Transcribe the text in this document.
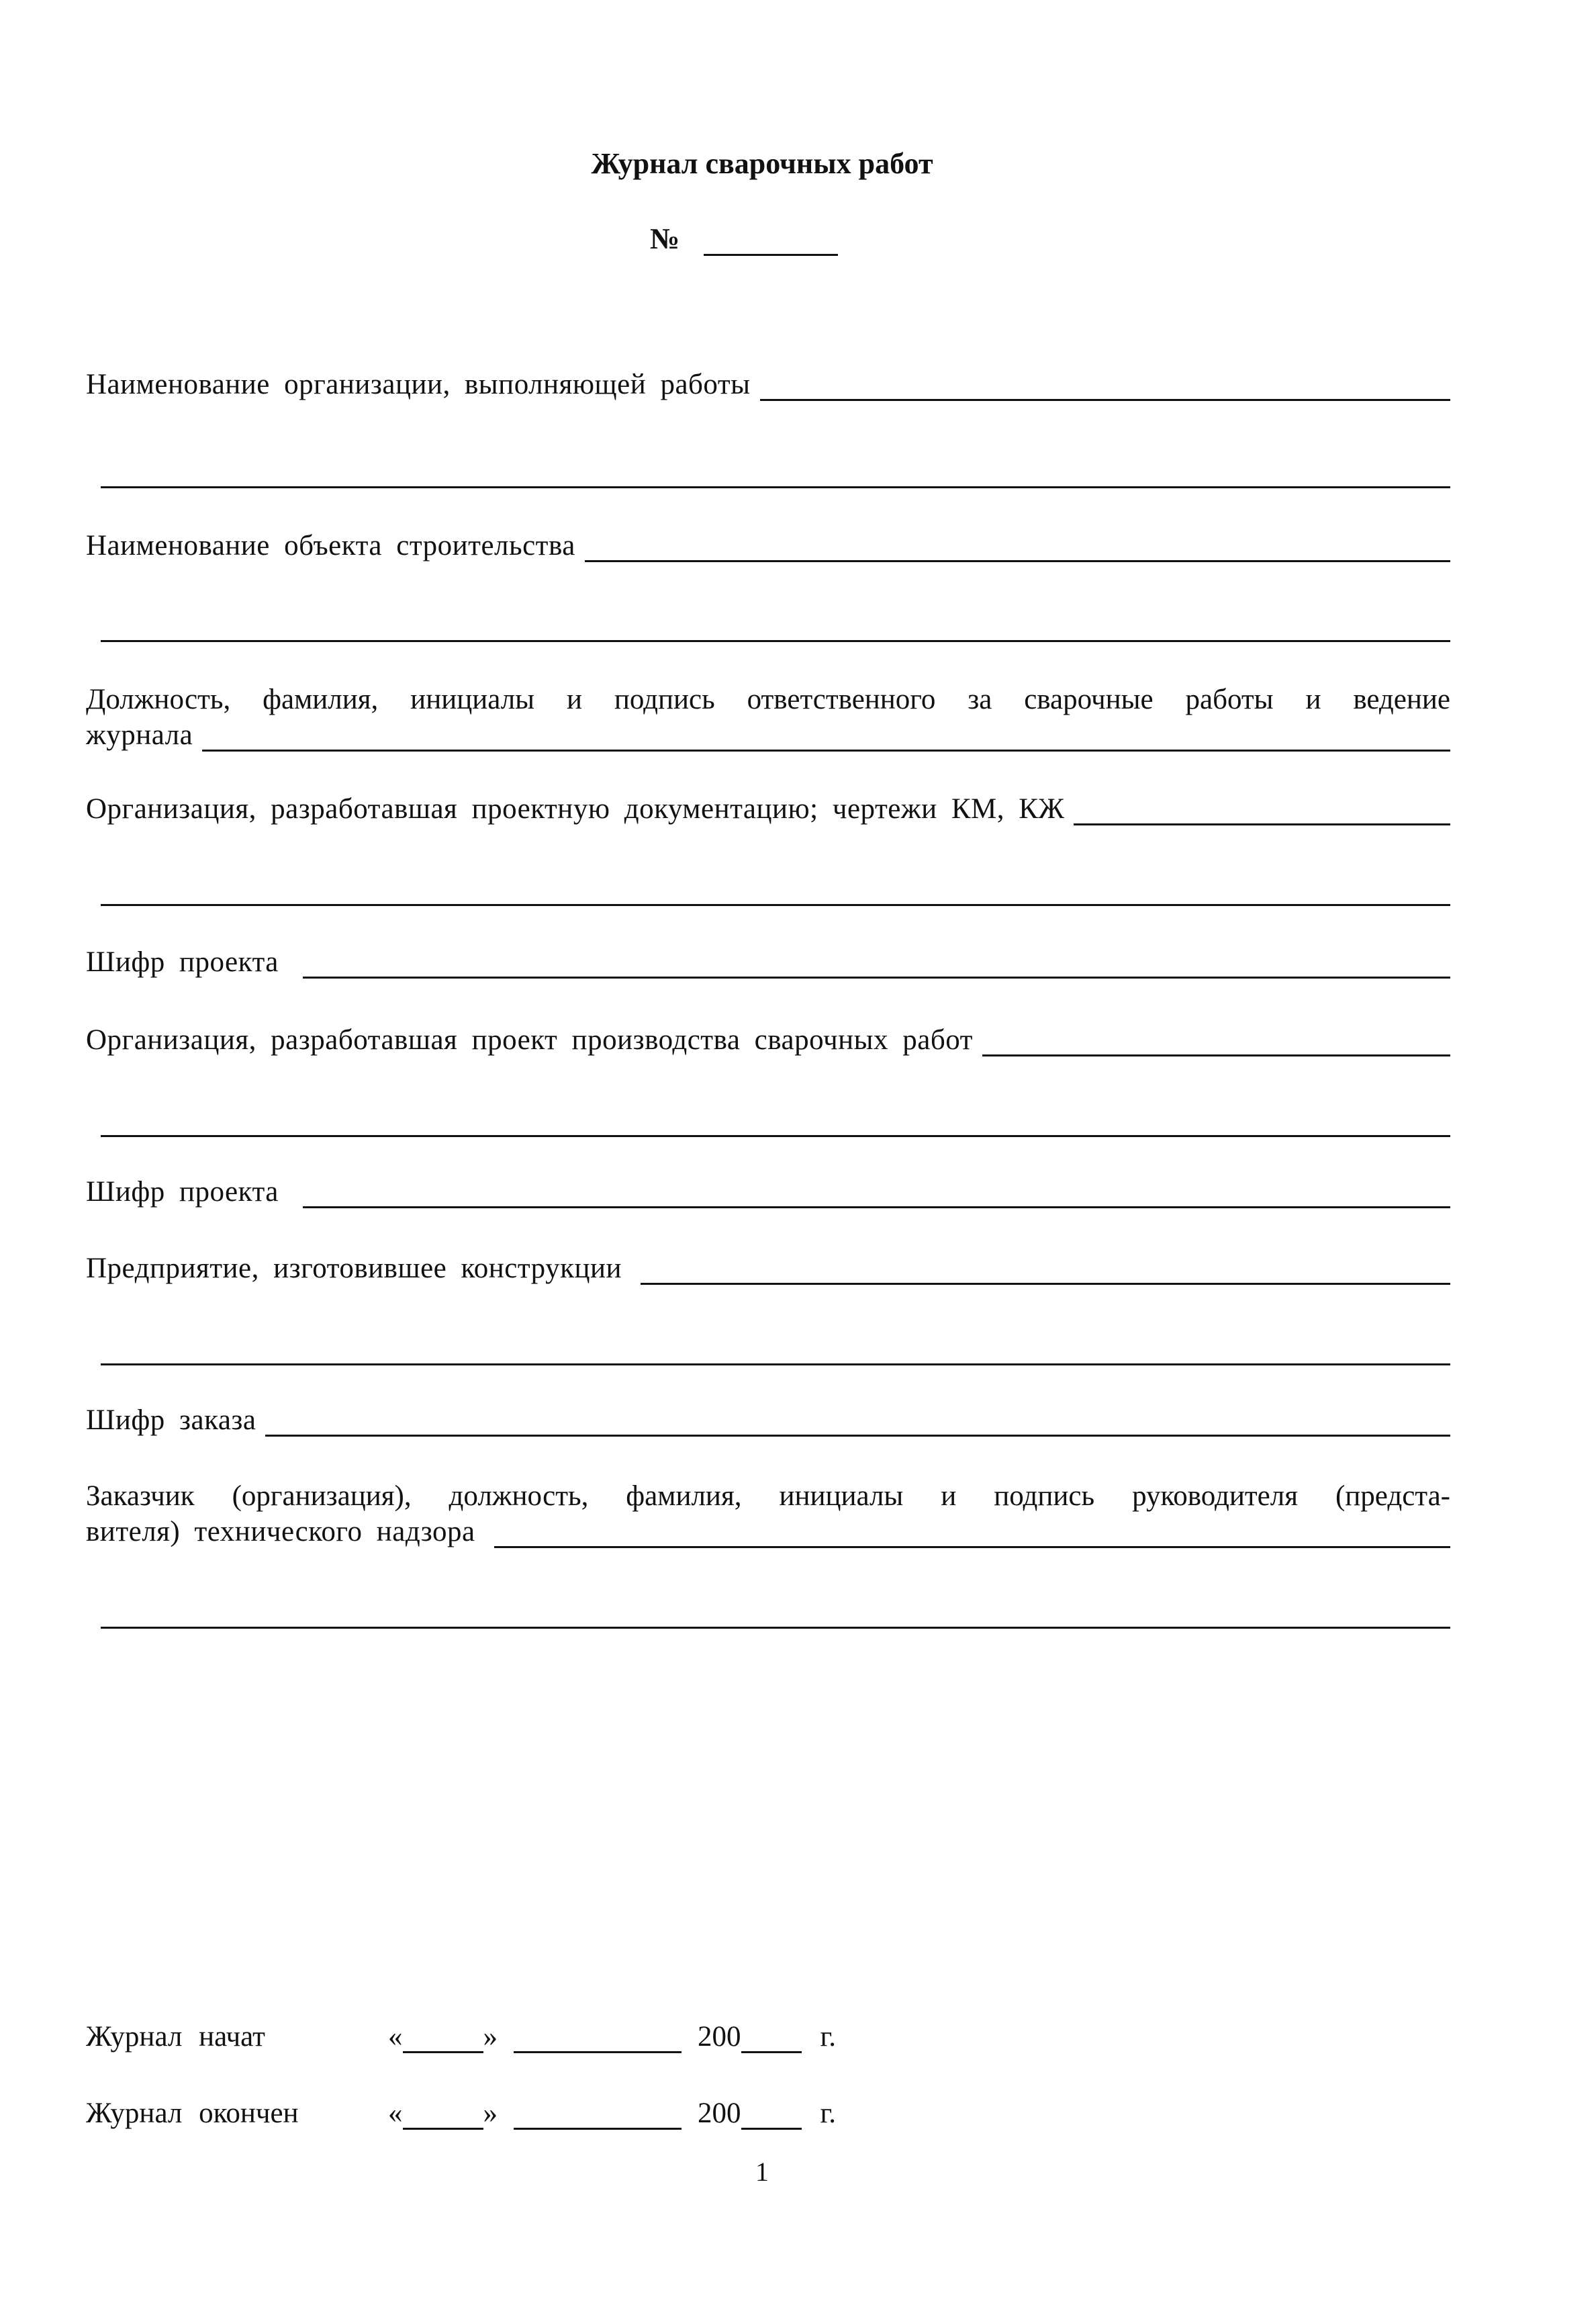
Журнал сварочных работ
№
Наименование организации, выполняющей работы
Наименование объекта строительства
Должность, фамилия, инициалы и подпись ответственного за сварочные работы и ведение
журнала
Организация, разработавшая проектную документацию; чертежи КМ, КЖ
Шифр проекта
Организация, разработавшая проект производства сварочных работ
Шифр проекта
Предприятие, изготовившее конструкции
Шифр заказа
Заказчик (организация), должность, фамилия, инициалы и подпись руководителя (предста-
вителя) технического надзора
Журнал начат	«	»	200	г.
Журнал окончен	«	»	200	г.
1
